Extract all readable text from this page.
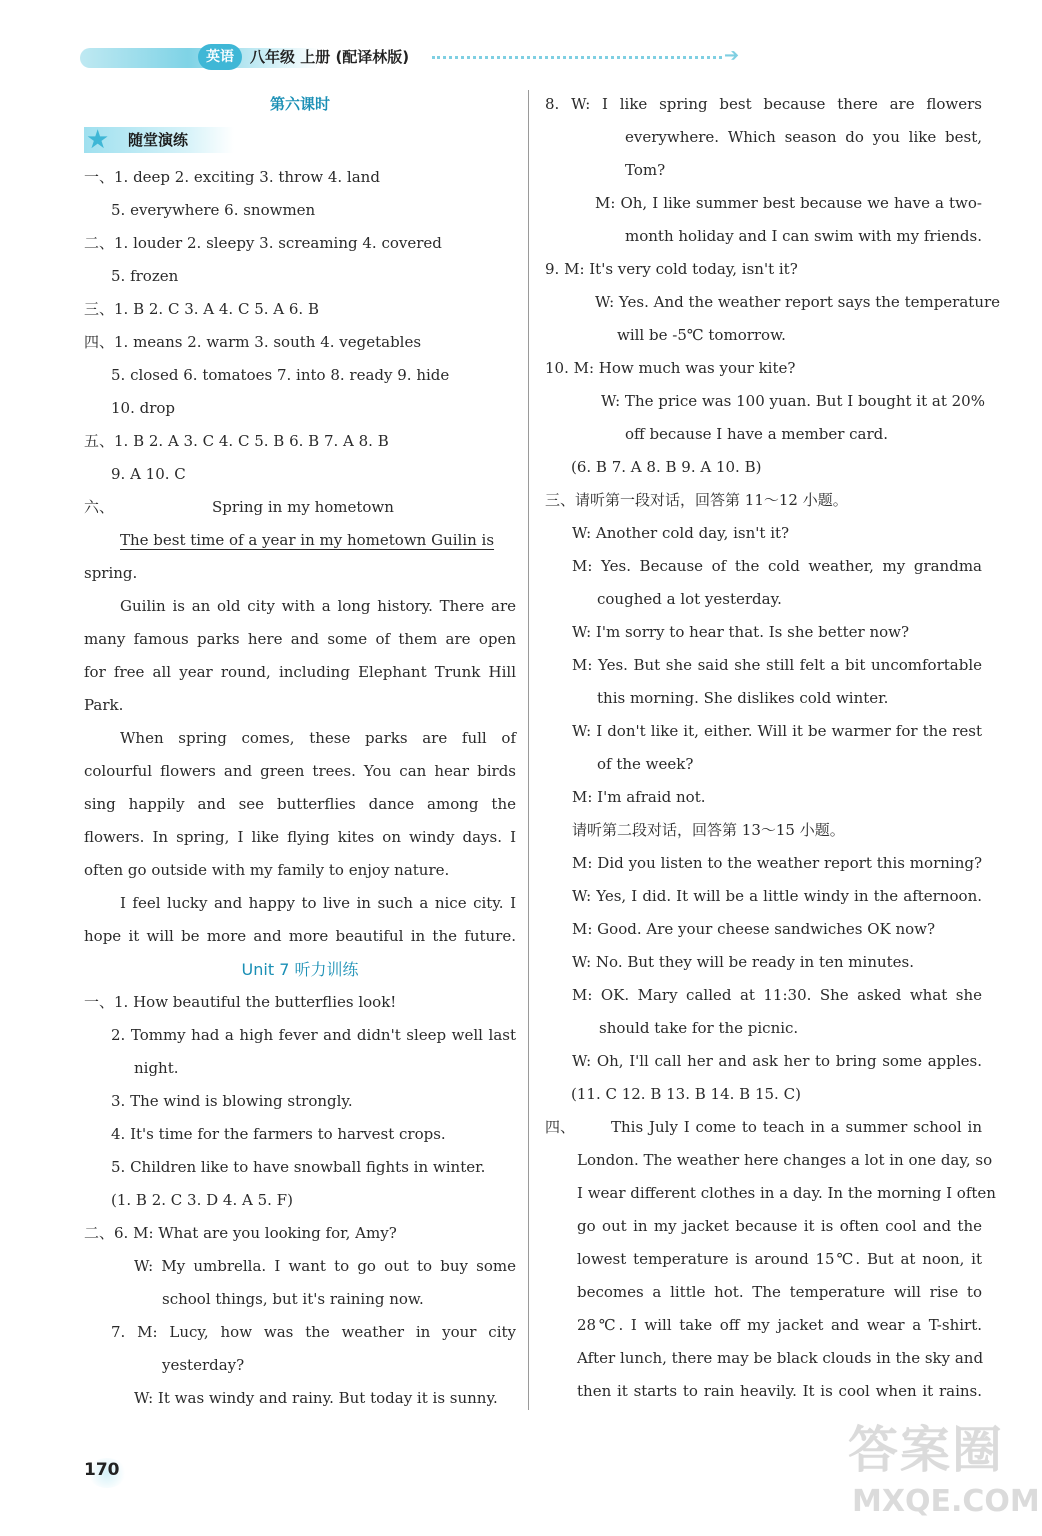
英语	八年级 上册 (配译林版)	➔
第六课时
★ 随堂演练
一、1. deep 2. exciting 3. throw 4. land
5. everywhere 6. snowmen
二、1. louder 2. sleepy 3. screaming 4. covered
5. frozen
三、1. B 2. C 3. A 4. C 5. A 6. B
四、1. means 2. warm 3. south 4. vegetables
5. closed 6. tomatoes 7. into 8. ready 9. hide
10. drop
五、1. B 2. A 3. C 4. C 5. B 6. B 7. A 8. B
9. A 10. C
六、	Spring in my hometown
The best time of a year in my hometown Guilin is
spring.
Guilin is an old city with a long history. There are
many famous parks here and some of them are open
for free all year round, including Elephant Trunk Hill
Park.
When spring comes, these parks are full of
colourful flowers and green trees. You can hear birds
sing happily and see butterflies dance among the
flowers. In spring, I like flying kites on windy days. I
often go outside with my family to enjoy nature.
I feel lucky and happy to live in such a nice city. I
hope it will be more and more beautiful in the future.
Unit 7 听力训练
一、1. How beautiful the butterflies look!
2. Tommy had a high fever and didn't sleep well last
night.
3. The wind is blowing strongly.
4. It's time for the farmers to harvest crops.
5. Children like to have snowball fights in winter.
(1. B 2. C 3. D 4. A 5. F)
二、6. M: What are you looking for, Amy?
W: My umbrella. I want to go out to buy some
school things, but it's raining now.
7. M: Lucy, how was the weather in your city
yesterday?
W: It was windy and rainy. But today it is sunny.
8. W: I like spring best because there are flowers
everywhere. Which season do you like best,
Tom?
M: Oh, I like summer best because we have a two-
month holiday and I can swim with my friends.
9. M: It's very cold today, isn't it?
W: Yes. And the weather report says the temperature
will be -5℃ tomorrow.
10. M: How much was your kite?
W: The price was 100 yuan. But I bought it at 20%
off because I have a member card.
(6. B 7. A 8. B 9. A 10. B)
三、请听第一段对话，回答第 11～12 小题。
W: Another cold day, isn't it?
M: Yes. Because of the cold weather, my grandma
coughed a lot yesterday.
W: I'm sorry to hear that. Is she better now?
M: Yes. But she said she still felt a bit uncomfortable
this morning. She dislikes cold winter.
W: I don't like it, either. Will it be warmer for the rest
of the week?
M: I'm afraid not.
请听第二段对话，回答第 13～15 小题。
M: Did you listen to the weather report this morning?
W: Yes, I did. It will be a little windy in the afternoon.
M: Good. Are your cheese sandwiches OK now?
W: No. But they will be ready in ten minutes.
M: OK. Mary called at 11:30. She asked what she
should take for the picnic.
W: Oh, I'll call her and ask her to bring some apples.
(11. C 12. B 13. B 14. B 15. C)
四、 This July I come to teach in a summer school in
London. The weather here changes a lot in one day, so
I wear different clothes in a day. In the morning I often
go out in my jacket because it is often cool and the
lowest temperature is around 15℃. But at noon, it
becomes a little hot. The temperature will rise to
28℃. I will take off my jacket and wear a T-shirt.
After lunch, there may be black clouds in the sky and
then it starts to rain heavily. It is cool when it rains.
170	答案圈
MXQE.COM
